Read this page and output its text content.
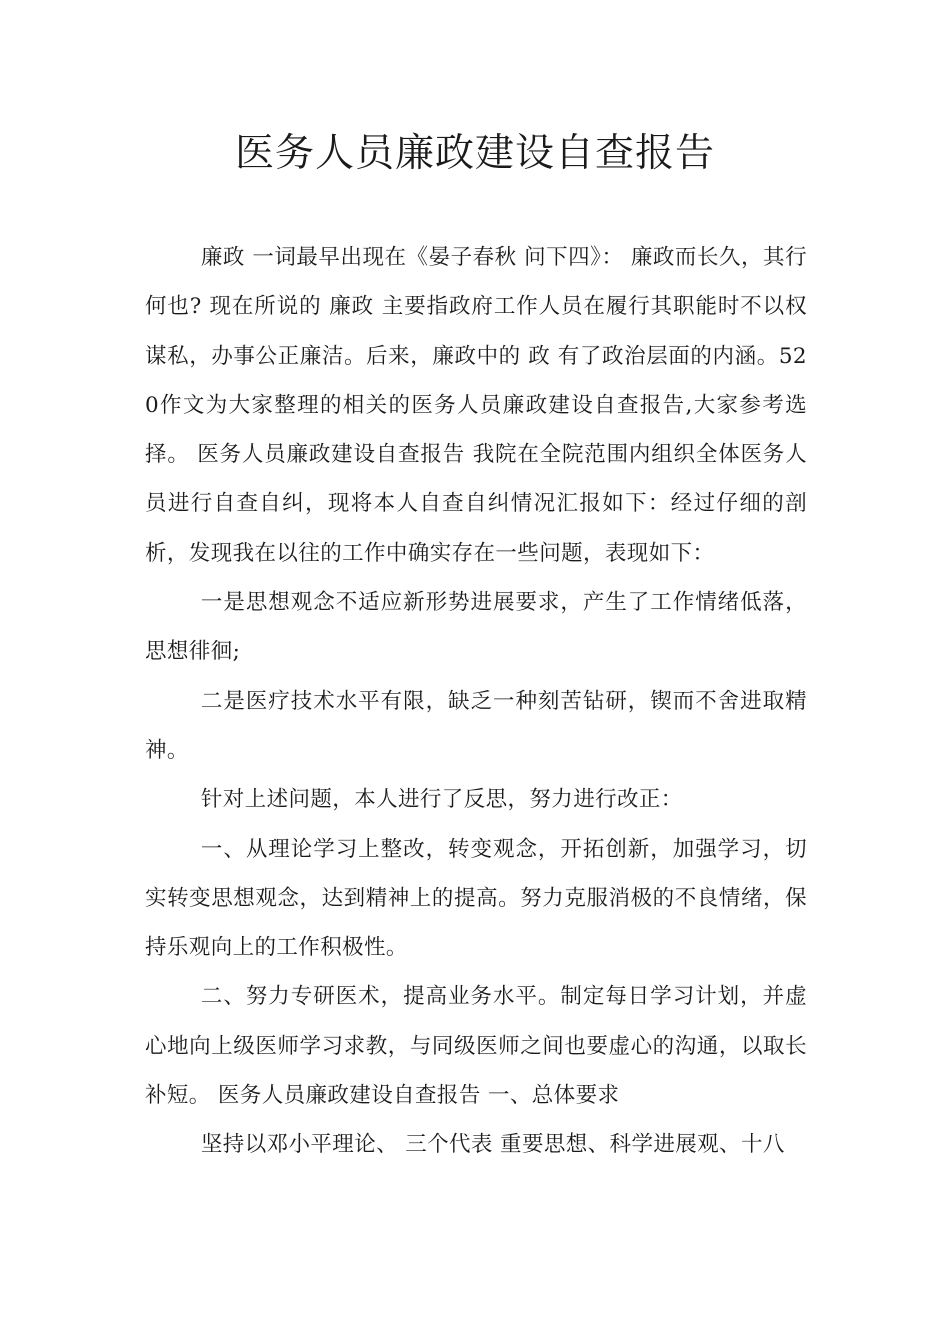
医务人员廉政建设自查报告

廉政 一词最早出现在《晏子春秋 问下四》： 廉政而长久，其行何也? 现在所说的 廉政 主要指政府工作人员在履行其职能时不以权谋私，办事公正廉洁。后来，廉政中的 政 有了政治层面的内涵。520作文为大家整理的相关的医务人员廉政建设自查报告,大家参考选择。 医务人员廉政建设自查报告 我院在全院范围内组织全体医务人员进行自查自纠，现将本人自查自纠情况汇报如下：经过仔细的剖析，发现我在以往的工作中确实存在一些问题，表现如下：

一是思想观念不适应新形势进展要求，产生了工作情绪低落，思想徘徊;

二是医疗技术水平有限，缺乏一种刻苦钻研，锲而不舍进取精神。

针对上述问题，本人进行了反思，努力进行改正：

一、从理论学习上整改，转变观念，开拓创新，加强学习，切实转变思想观念，达到精神上的提高。努力克服消极的不良情绪，保持乐观向上的工作积极性。

二、努力专研医术，提高业务水平。制定每日学习计划，并虚心地向上级医师学习求教，与同级医师之间也要虚心的沟通，以取长补短。 医务人员廉政建设自查报告 一、总体要求

坚持以邓小平理论、 三个代表 重要思想、科学进展观、十八
